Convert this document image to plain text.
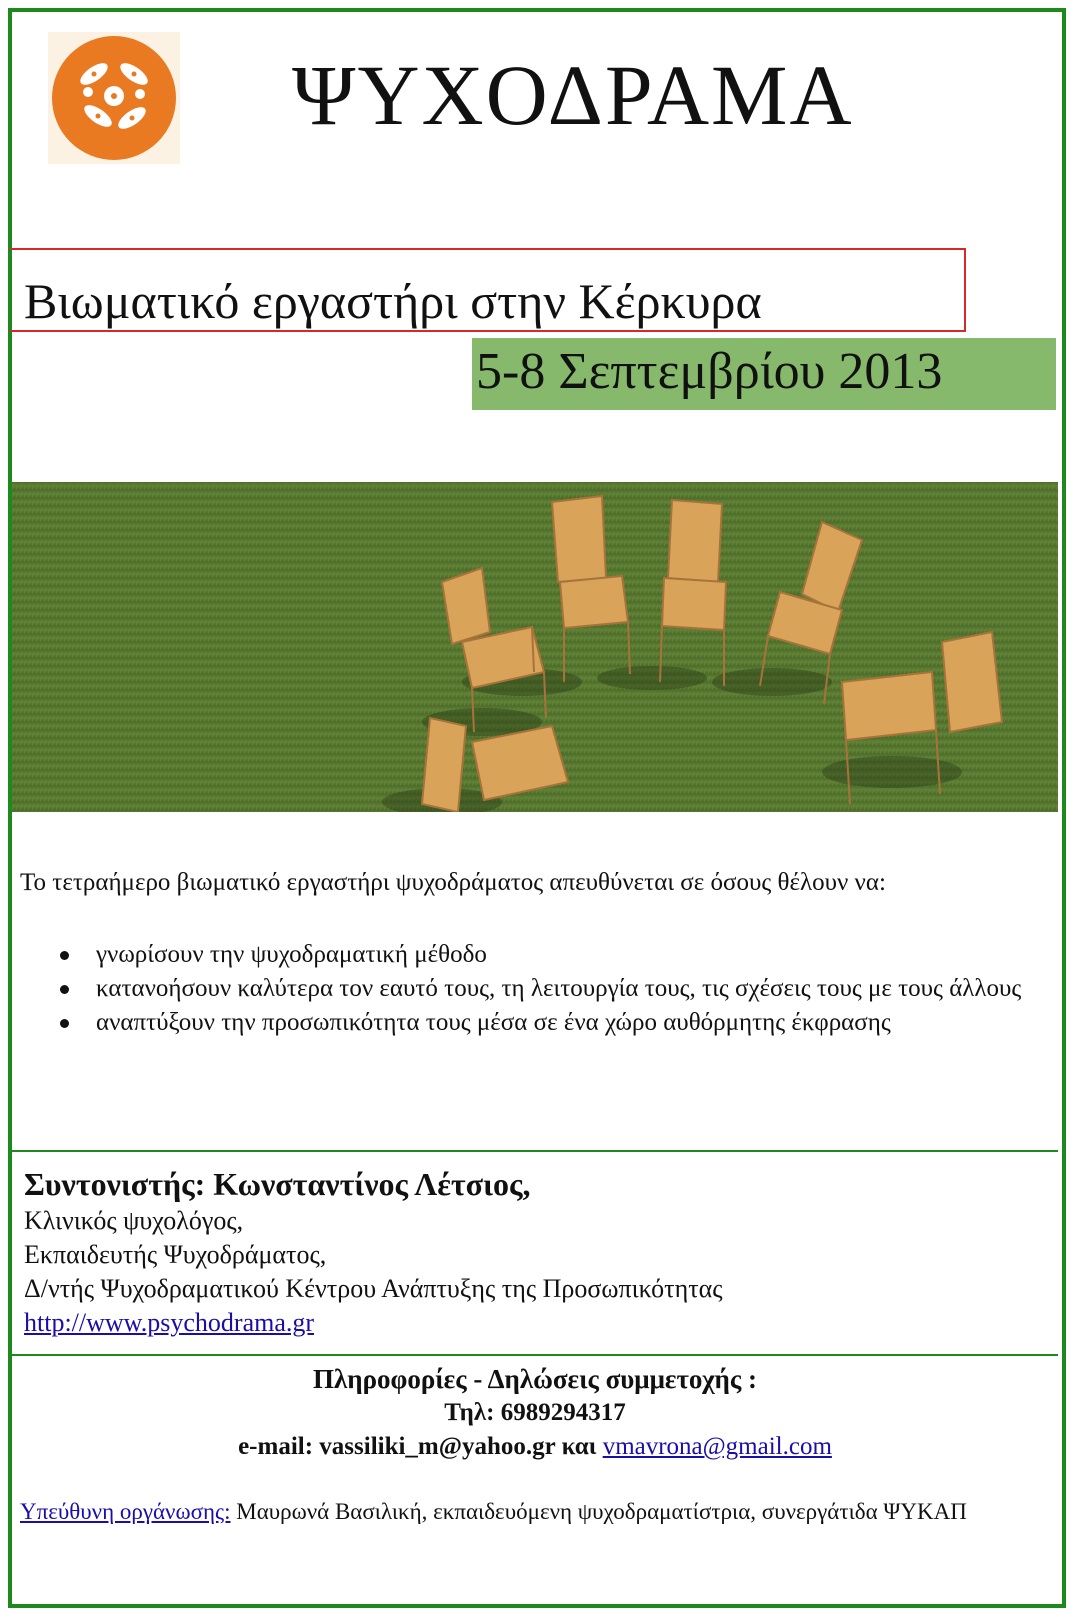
ΨΥΧΟΔΡΑΜΑ
Βιωματικό εργαστήρι στην Κέρκυρα
5-8 Σεπτεμβρίου 2013
Το τετραήμερο βιωματικό εργαστήρι ψυχοδράματος απευθύνεται σε όσους θέλουν να:
γνωρίσουν την ψυχοδραματική μέθοδο
κατανοήσουν καλύτερα τον εαυτό τους, τη λειτουργία τους, τις σχέσεις τους με τους άλλους
αναπτύξουν την προσωπικότητα τους μέσα σε ένα χώρο αυθόρμητης έκφρασης
Συντονιστής: Κωνσταντίνος Λέτσιος,
Κλινικός ψυχολόγος,
Εκπαιδευτής Ψυχοδράματος,
Δ/ντής Ψυχοδραματικού Κέντρου Ανάπτυξης της Προσωπικότητας
http://www.psychodrama.gr
Πληροφορίες - Δηλώσεις συμμετοχής :
Τηλ: 6989294317
e-mail: vassiliki_m@yahoo.gr και vmavrona@gmail.com
Υπεύθυνη οργάνωσης: Μαυρωνά Βασιλική, εκπαιδευόμενη ψυχοδραματίστρια, συνεργάτιδα ΨΥΚΑΠ
